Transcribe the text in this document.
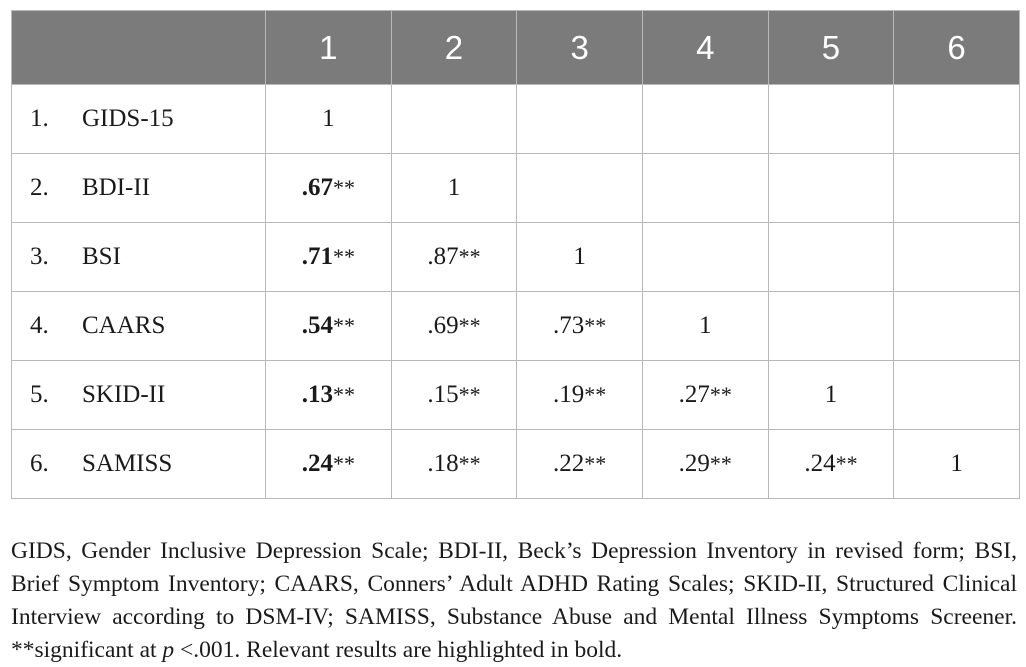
	1	2	3	4	5	6
1. GIDS-15	1					
2. BDI-II	.67**	1				
3. BSI	.71**	.87**	1			
4. CAARS	.54**	.69**	.73**	1		
5. SKID-II	.13**	.15**	.19**	.27**	1	
6. SAMISS	.24**	.18**	.22**	.29**	.24**	1

GIDS, Gender Inclusive Depression Scale; BDI-II, Beck’s Depression Inventory in revised form; BSI, Brief Symptom Inventory; CAARS, Conners’ Adult ADHD Rating Scales; SKID-II, Structured Clinical Interview according to DSM-IV; SAMISS, Substance Abuse and Mental Illness Symptoms Screener. **significant at p <.001. Relevant results are highlighted in bold.
